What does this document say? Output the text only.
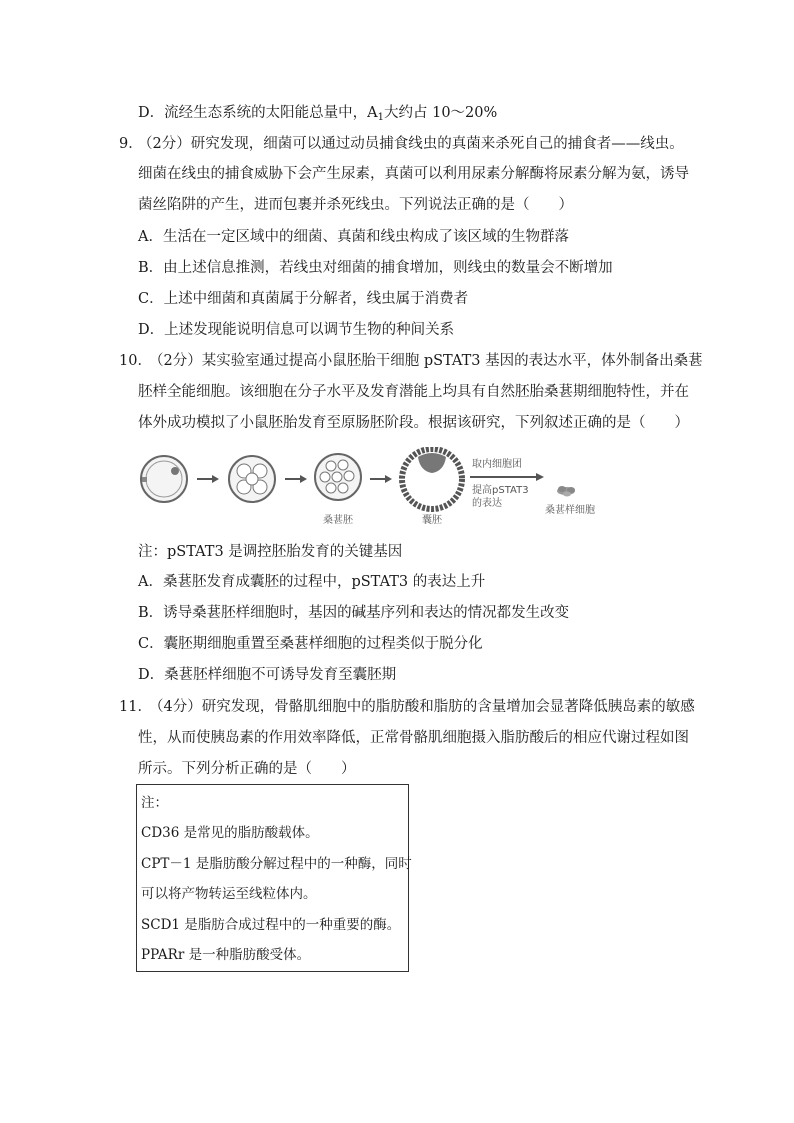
D．流经生态系统的太阳能总量中，$A_1$大约占 10～20%
9．
（2分）研究发现，细菌可以通过动员捕食线虫的真菌来杀死自己的捕食者——线虫。
细菌在线虫的捕食威胁下会产生尿素，真菌可以利用尿素分解酶将尿素分解为氨，诱导
菌丝陷阱的产生，进而包裹并杀死线虫。下列说法正确的是（　　）
A．生活在一定区域中的细菌、真菌和线虫构成了该区域的生物群落
B．由上述信息推测，若线虫对细菌的捕食增加，则线虫的数量会不断增加
C．上述中细菌和真菌属于分解者，线虫属于消费者
D．上述发现能说明信息可以调节生物的种间关系
10．
（2分）某实验室通过提高小鼠胚胎干细胞 pSTAT3 基因的表达水平，体外制备出桑葚
胚样全能细胞。该细胞在分子水平及发育潜能上均具有自然胚胎桑葚期细胞特性，并在
体外成功模拟了小鼠胚胎发育至原肠胚阶段。根据该研究，下列叙述正确的是（　　）
桑葚胚	囊胚
取内细胞团
提高pSTAT3
的表达
桑葚样细胞
注：pSTAT3 是调控胚胎发育的关键基因
A．桑葚胚发育成囊胚的过程中，pSTAT3 的表达上升
B．诱导桑葚胚样细胞时，基因的碱基序列和表达的情况都发生改变
C．囊胚期细胞重置至桑葚样细胞的过程类似于脱分化
D．桑葚胚样细胞不可诱导发育至囊胚期
11．
（4分）研究发现，骨骼肌细胞中的脂肪酸和脂肪的含量增加会显著降低胰岛素的敏感
性，从而使胰岛素的作用效率降低，正常骨骼肌细胞摄入脂肪酸后的相应代谢过程如图
所示。下列分析正确的是（　　）
注：
CD36 是常见的脂肪酸载体。
CPT－1 是脂肪酸分解过程中的一种酶，同时
可以将产物转运至线粒体内。
SCD1 是脂肪合成过程中的一种重要的酶。
PPARr 是一种脂肪酸受体。
